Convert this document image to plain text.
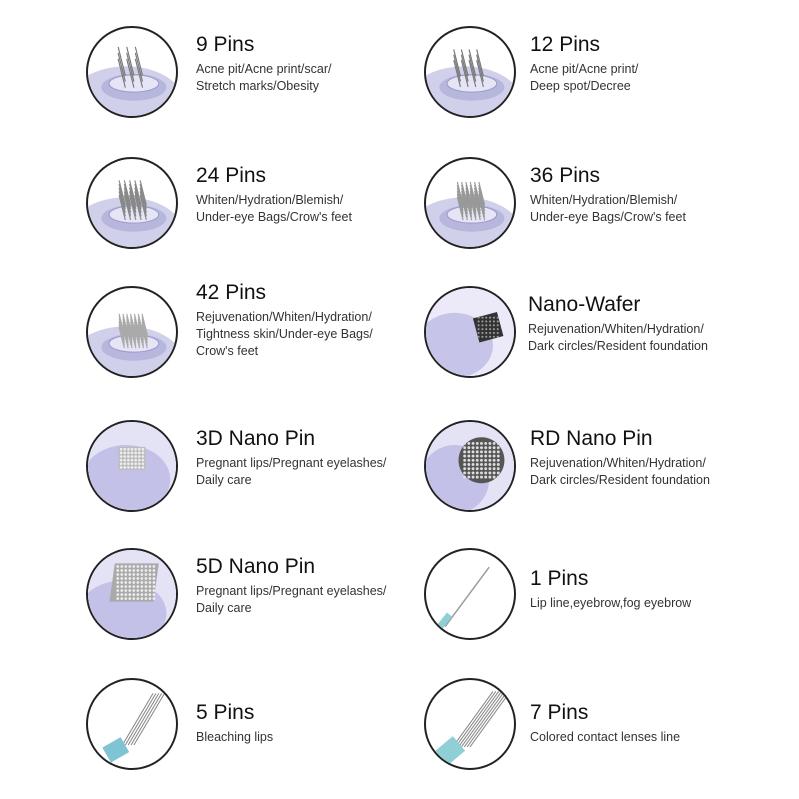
9 Pins
Acne pit/Acne print/scar/
Stretch marks/Obesity
12 Pins
Acne pit/Acne print/
Deep spot/Decree
24 Pins
Whiten/Hydration/Blemish/
Under-eye Bags/Crow's feet
36 Pins
Whiten/Hydration/Blemish/
Under-eye Bags/Crow's feet
42 Pins
Rejuvenation/Whiten/Hydration/
Tightness skin/Under-eye Bags/
Crow's feet
Nano-Wafer
Rejuvenation/Whiten/Hydration/
Dark circles/Resident foundation
3D Nano Pin
Pregnant lips/Pregnant eyelashes/
Daily care
RD Nano Pin
Rejuvenation/Whiten/Hydration/
Dark circles/Resident foundation
5D Nano Pin
Pregnant lips/Pregnant eyelashes/
Daily care
1 Pins
Lip line,eyebrow,fog eyebrow
5 Pins
Bleaching lips
7 Pins
Colored contact lenses line
